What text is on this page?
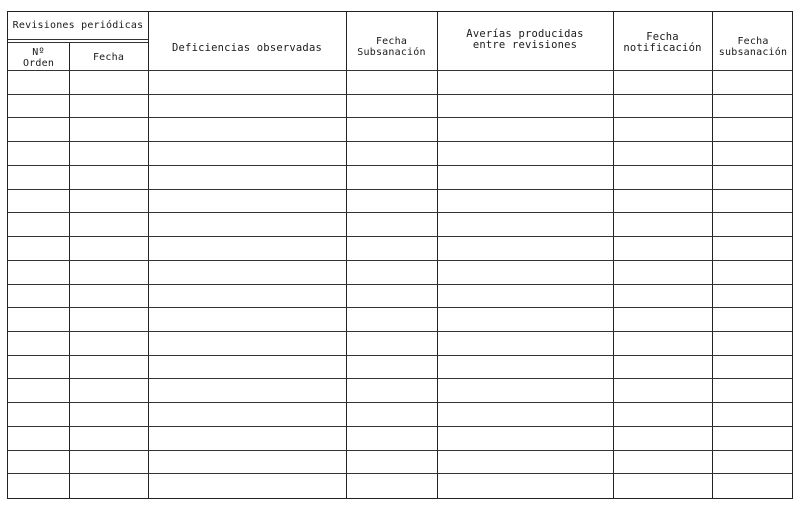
Revisiones periódicas
Nº
Orden
Fecha
Deficiencias observadas	Fecha
Subsanación
Averías producidas
entre revisiones
Fecha
notificación
Fecha
subsanación
